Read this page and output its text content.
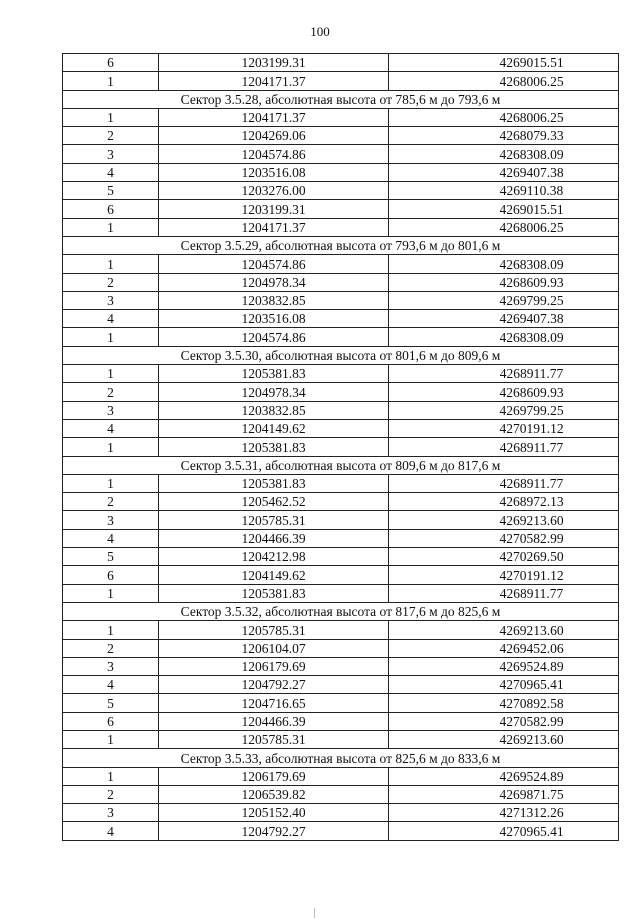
100
6	1203199.31	4269015.51
1	1204171.37	4268006.25
Сектор 3.5.28, абсолютная высота от 785,6 м до 793,6 м		
1	1204171.37	4268006.25
2	1204269.06	4268079.33
3	1204574.86	4268308.09
4	1203516.08	4269407.38
5	1203276.00	4269110.38
6	1203199.31	4269015.51
1	1204171.37	4268006.25
Сектор 3.5.29, абсолютная высота от 793,6 м до 801,6 м		
1	1204574.86	4268308.09
2	1204978.34	4268609.93
3	1203832.85	4269799.25
4	1203516.08	4269407.38
1	1204574.86	4268308.09
Сектор 3.5.30, абсолютная высота от 801,6 м до 809,6 м		
1	1205381.83	4268911.77
2	1204978.34	4268609.93
3	1203832.85	4269799.25
4	1204149.62	4270191.12
1	1205381.83	4268911.77
Сектор 3.5.31, абсолютная высота от 809,6 м до 817,6 м		
1	1205381.83	4268911.77
2	1205462.52	4268972.13
3	1205785.31	4269213.60
4	1204466.39	4270582.99
5	1204212.98	4270269.50
6	1204149.62	4270191.12
1	1205381.83	4268911.77
Сектор 3.5.32, абсолютная высота от 817,6 м до 825,6 м		
1	1205785.31	4269213.60
2	1206104.07	4269452.06
3	1206179.69	4269524.89
4	1204792.27	4270965.41
5	1204716.65	4270892.58
6	1204466.39	4270582.99
1	1205785.31	4269213.60
Сектор 3.5.33, абсолютная высота от 825,6 м до 833,6 м		
1	1206179.69	4269524.89
2	1206539.82	4269871.75
3	1205152.40	4271312.26
4	1204792.27	4270965.41
